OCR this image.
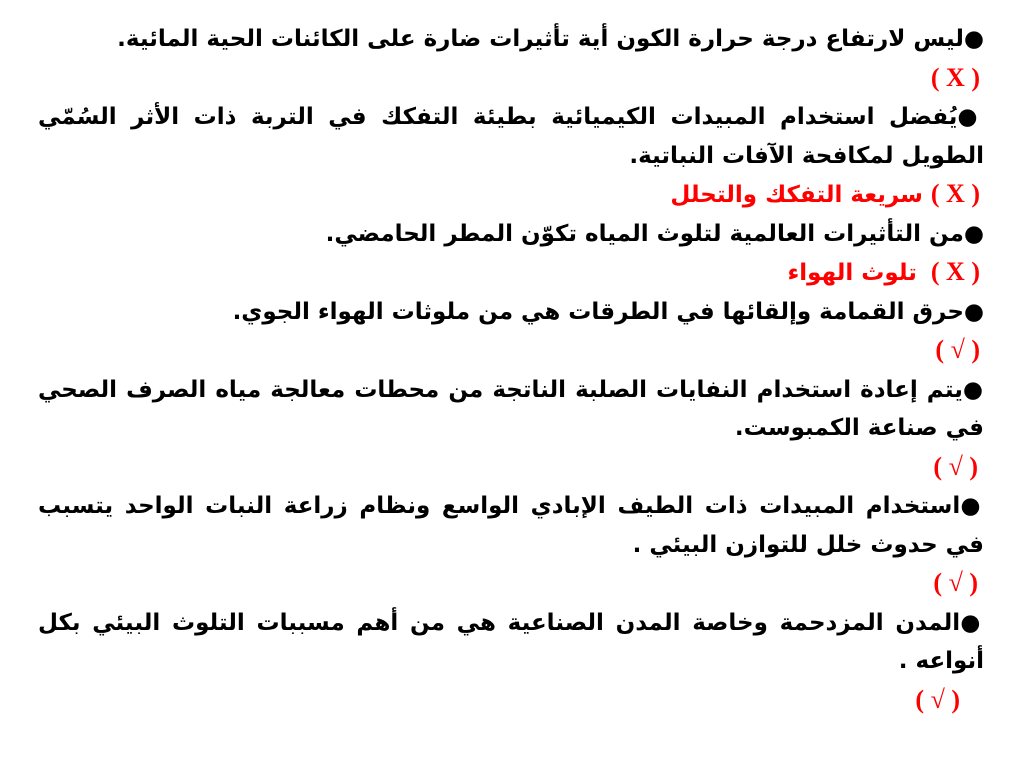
●ليس لارتفاع درجة حرارة الكون أية تأثيرات ضارة على الكائنات الحية المائية.

( X )

●يُفضل استخدام المبيدات الكيميائية بطيئة التفكك في التربة ذات الأثر السُمّي الطويل لمكافحة الآفات النباتية.

( X ) سريعة التفكك والتحلل

●من التأثيرات العالمية لتلوث المياه تكوّن المطر الحامضي.

( X )تلوث الهواء

●حرق القمامة وإلقائها في الطرقات هي من ملوثات الهواء الجوي.

( √ )

●يتم إعادة استخدام النفايات الصلبة الناتجة من محطات معالجة مياه الصرف الصحي في صناعة الكمبوست.

( √ )

●استخدام المبيدات ذات الطيف الإبادي الواسع ونظام زراعة النبات الواحد يتسبب في حدوث خلل للتوازن البيئي .

( √ )

●المدن المزدحمة وخاصة المدن الصناعية هي من أهم مسببات التلوث البيئي بكل أنواعه .

( √ )
